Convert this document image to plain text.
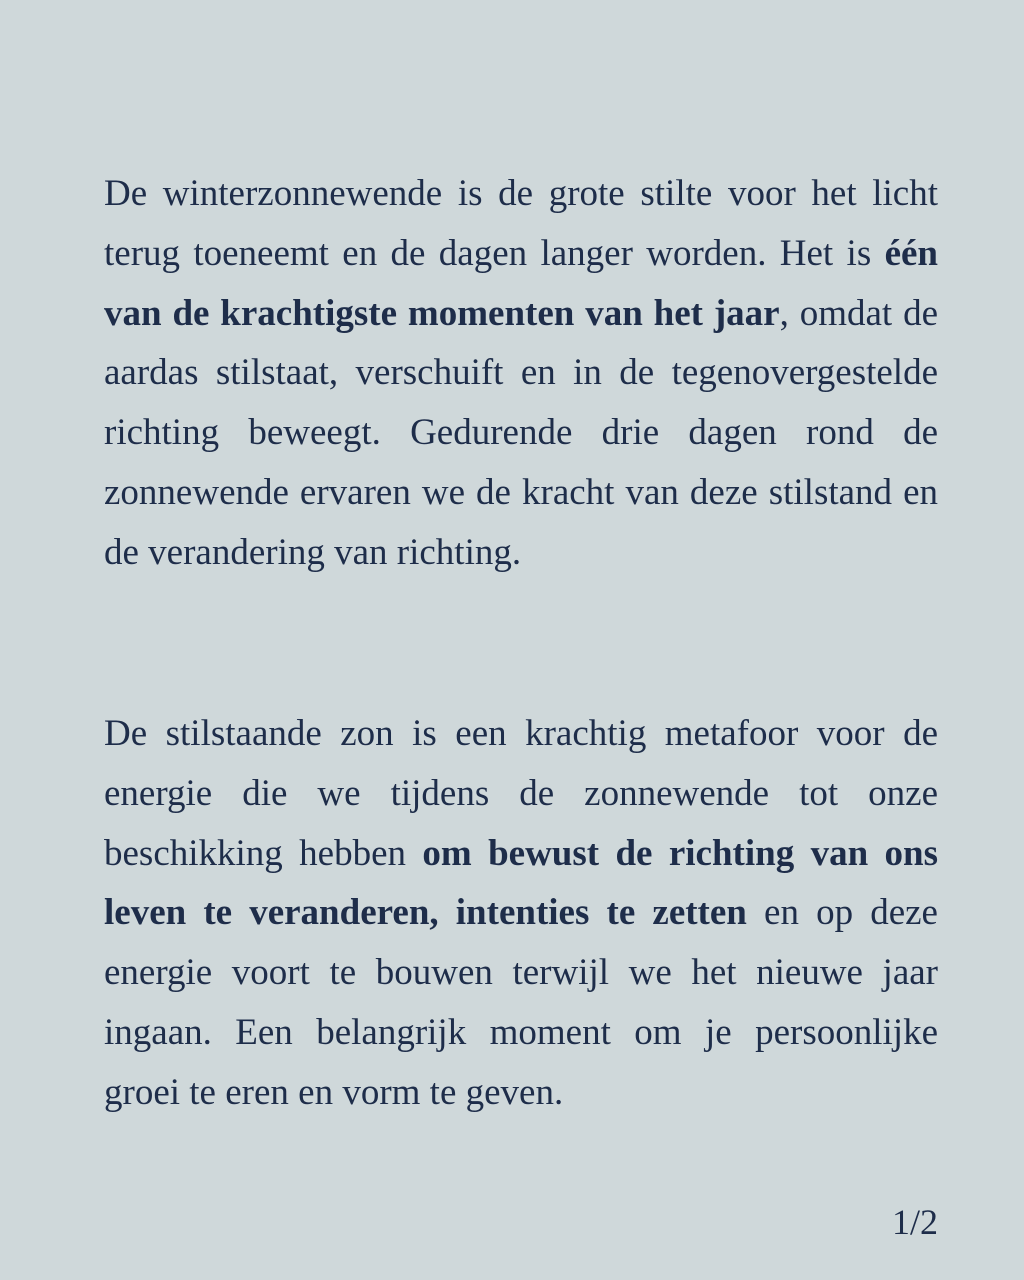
De winterzonnewende is de grote stilte voor het licht terug toeneemt en de dagen langer worden. Het is één van de krachtigste momenten van het jaar, omdat de aardas stilstaat, verschuift en in de tegenovergestelde richting beweegt. Gedurende drie dagen rond de zonnewende ervaren we de kracht van deze stilstand en de verandering van richting.

De stilstaande zon is een krachtig metafoor voor de energie die we tijdens de zonnewende tot onze beschikking hebben om bewust de richting van ons leven te veranderen, intenties te zetten en op deze energie voort te bouwen terwijl we het nieuwe jaar ingaan. Een belangrijk moment om je persoonlijke groei te eren en vorm te geven.

1/2
